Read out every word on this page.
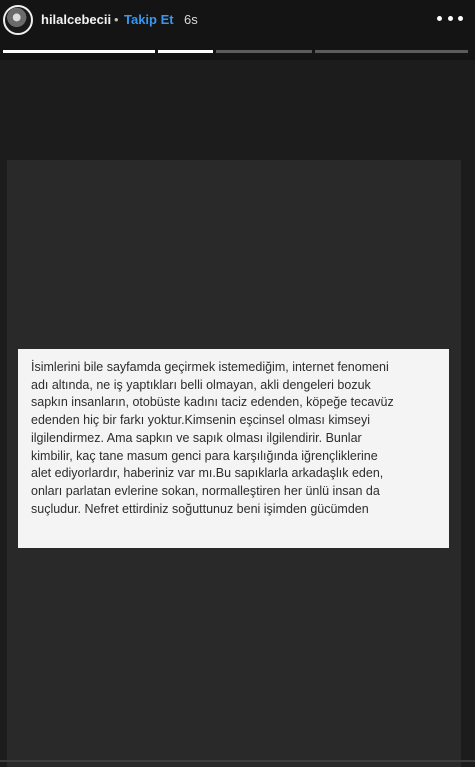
hilalcebecii • Takip Et 6s
İsimlerini bile sayfamda geçirmek istemediğim, internet fenomeni
adı altında, ne iş yaptıkları belli olmayan, akli dengeleri bozuk
sapkın insanların, otobüste kadını taciz edenden, köpeğe tecavüz
edenden hiç bir farkı yoktur.Kimsenin eşcinsel olması kimseyi
ilgilendirmez. Ama sapkın ve sapık olması ilgilendirir. Bunlar
kimbilir, kaç tane masum genci para karşılığında iğrençliklerine
alet ediyorlardır, haberiniz var mı.Bu sapıklarla arkadaşlık eden,
onları parlatan evlerine sokan, normalleştiren her ünlü insan da
suçludur. Nefret ettirdiniz soğuttunuz beni işimden gücümden
